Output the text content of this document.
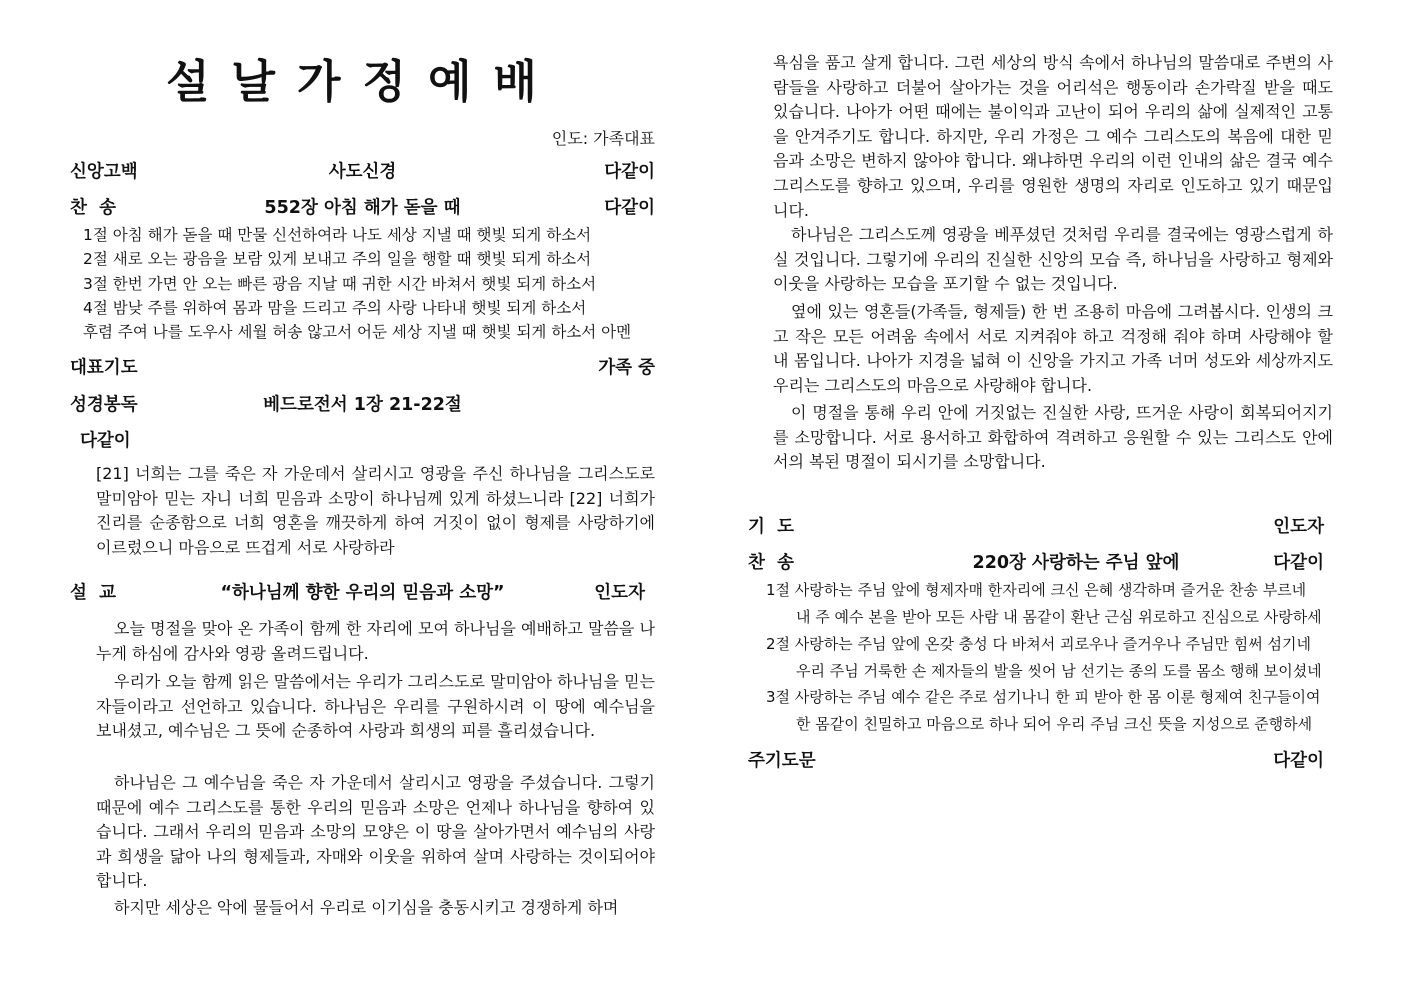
설날가정예배
인도: 가족대표
신앙고백	사도신경	다같이
찬  송	552장 아침 해가 돋을 때	다같이
1절 아침 해가 돋을 때 만물 신선하여라 나도 세상 지낼 때 햇빛 되게 하소서
2절 새로 오는 광음을 보람 있게 보내고 주의 일을 행할 때 햇빛 되게 하소서
3절 한번 가면 안 오는 빠른 광음 지날 때 귀한 시간 바쳐서 햇빛 되게 하소서
4절 밤낮 주를 위하여 몸과 맘을 드리고 주의 사랑 나타내 햇빛 되게 하소서
후렴 주여 나를 도우사 세월 허송 않고서 어둔 세상 지낼 때 햇빛 되게 하소서 아멘
대표기도	가족 중
성경봉독	베드로전서 1장 21-22절
다같이

[21] 너희는 그를 죽은 자 가운데서 살리시고 영광을 주신 하나님을 그리스도로 말미암아 믿는 자니 너희 믿음과 소망이 하나님께 있게 하셨느니라 [22] 너희가 진리를 순종함으로 너희 영혼을 깨끗하게 하여 거짓이 없이 형제를 사랑하기에 이르렀으니 마음으로 뜨겁게 서로 사랑하라

설  교	“하나님께 향한 우리의 믿음과 소망”	인도자

오늘 명절을 맞아 온 가족이 함께 한 자리에 모여 하나님을 예배하고 말씀을 나누게 하심에 감사와 영광 올려드립니다.

우리가 오늘 함께 읽은 말씀에서는 우리가 그리스도로 말미암아 하나님을 믿는 자들이라고 선언하고 있습니다. 하나님은 우리를 구원하시려 이 땅에 예수님을 보내셨고, 예수님은 그 뜻에 순종하여 사랑과 희생의 피를 흘리셨습니다.

하나님은 그 예수님을 죽은 자 가운데서 살리시고 영광을 주셨습니다. 그렇기 때문에 예수 그리스도를 통한 우리의 믿음과 소망은 언제나 하나님을 향하여 있습니다. 그래서 우리의 믿음과 소망의 모양은 이 땅을 살아가면서 예수님의 사랑과 희생을 닮아 나의 형제들과, 자매와 이웃을 위하여 살며 사랑하는 것이되어야 합니다.

하지만 세상은 악에 물들어서 우리로 이기심을 충동시키고 경쟁하게 하며

욕심을 품고 살게 합니다. 그런 세상의 방식 속에서 하나님의 말씀대로 주변의 사람들을 사랑하고 더불어 살아가는 것을 어리석은 행동이라 손가락질 받을 때도 있습니다. 나아가 어떤 때에는 불이익과 고난이 되어 우리의 삶에 실제적인 고통을 안겨주기도 합니다. 하지만, 우리 가정은 그 예수 그리스도의 복음에 대한 믿음과 소망은 변하지 않아야 합니다. 왜냐하면 우리의 이런 인내의 삶은 결국 예수 그리스도를 향하고 있으며, 우리를 영원한 생명의 자리로 인도하고 있기 때문입니다.

하나님은 그리스도께 영광을 베푸셨던 것처럼 우리를 결국에는 영광스럽게 하실 것입니다. 그렇기에 우리의 진실한 신앙의 모습 즉, 하나님을 사랑하고 형제와 이웃을 사랑하는 모습을 포기할 수 없는 것입니다.

옆에 있는 영혼들(가족들, 형제들) 한 번 조용히 마음에 그려봅시다. 인생의 크고 작은 모든 어려움 속에서 서로 지켜줘야 하고 걱정해 줘야 하며 사랑해야 할 내 몸입니다. 나아가 지경을 넓혀 이 신앙을 가지고 가족 너머 성도와 세상까지도 우리는 그리스도의 마음으로 사랑해야 합니다.

이 명절을 통해 우리 안에 거짓없는 진실한 사랑, 뜨거운 사랑이 회복되어지기를 소망합니다. 서로 용서하고 화합하여 격려하고 응원할 수 있는 그리스도 안에서의 복된 명절이 되시기를 소망합니다.

기  도	인도자
찬  송	220장 사랑하는 주님 앞에	다같이
1절 사랑하는 주님 앞에 형제자매 한자리에 크신 은혜 생각하며 즐거운 찬송 부르네
내 주 예수 본을 받아 모든 사람 내 몸같이 환난 근심 위로하고 진심으로 사랑하세
2절 사랑하는 주님 앞에 온갖 충성 다 바쳐서 괴로우나 즐거우나 주님만 힘써 섬기네
우리 주님 거룩한 손 제자들의 발을 씻어 남 선기는 종의 도를 몸소 행해 보이셨네
3절 사랑하는 주님 예수 같은 주로 섬기나니 한 피 받아 한 몸 이룬 형제여 친구들이여
한 몸같이 친밀하고 마음으로 하나 되어 우리 주님 크신 뜻을 지성으로 준행하세
주기도문	다같이
